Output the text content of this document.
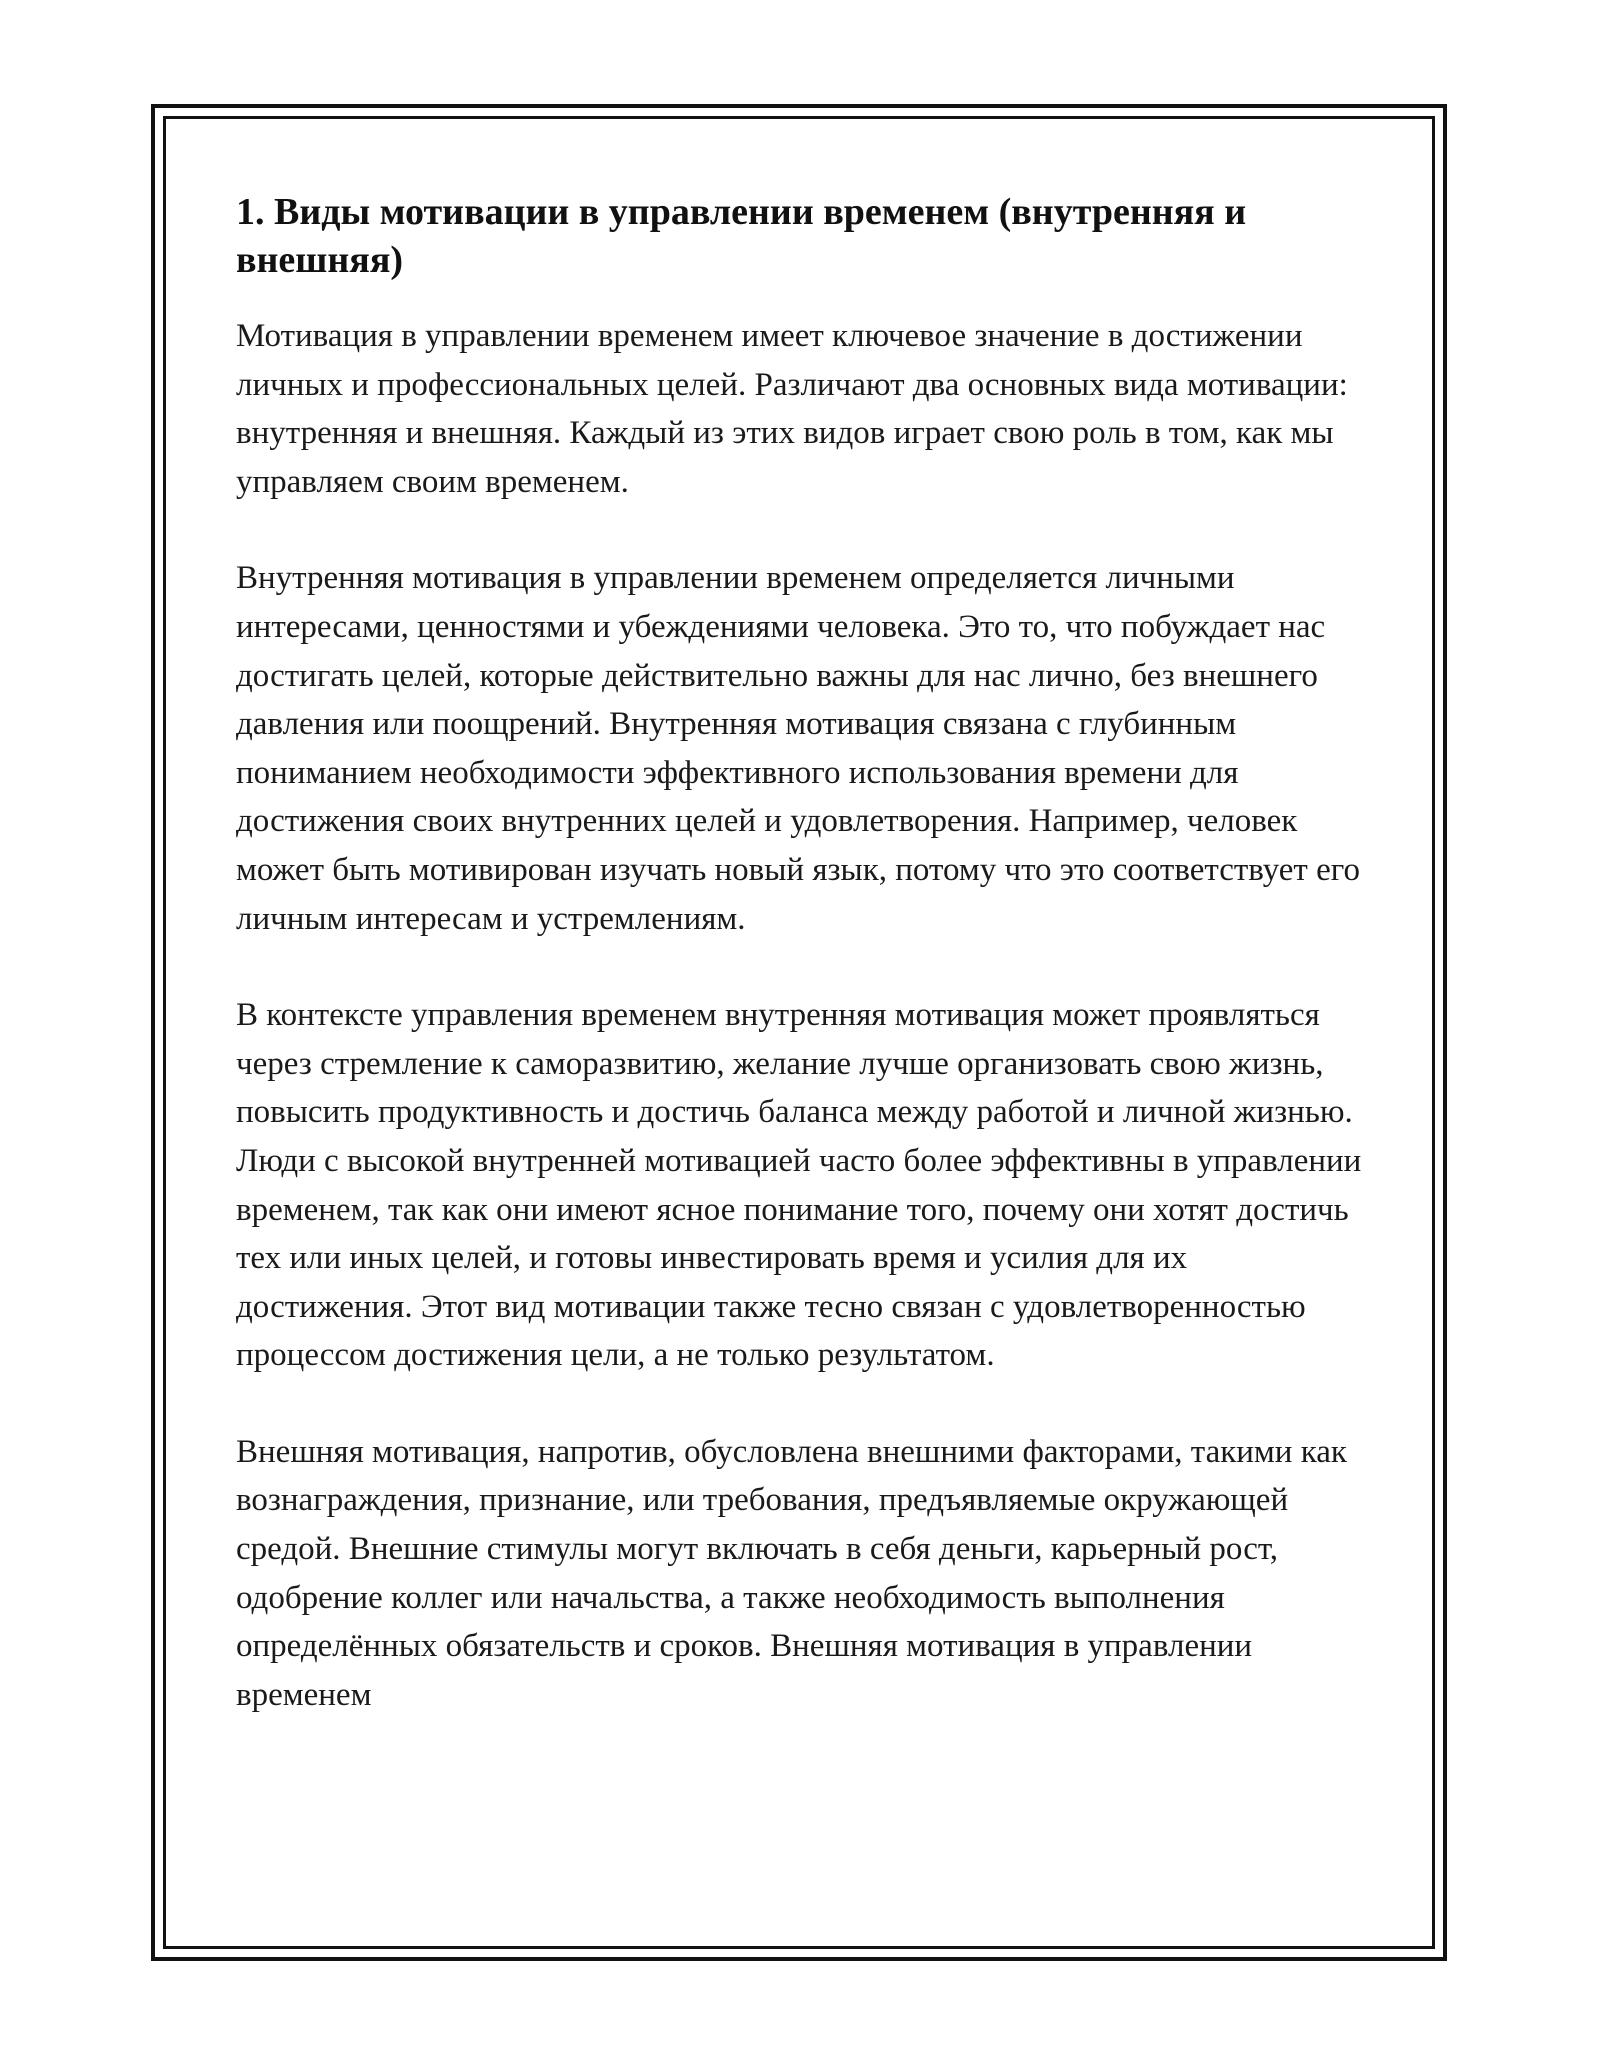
1. Виды мотивации в управлении временем (внутренняя и внешняя)

Мотивация в управлении временем имеет ключевое значение в достижении личных и профессиональных целей. Различают два основных вида мотивации: внутренняя и внешняя. Каждый из этих видов играет свою роль в том, как мы управляем своим временем.

Внутренняя мотивация в управлении временем определяется личными интересами, ценностями и убеждениями человека. Это то, что побуждает нас достигать целей, которые действительно важны для нас лично, без внешнего давления или поощрений. Внутренняя мотивация связана с глубинным пониманием необходимости эффективного использования времени для достижения своих внутренних целей и удовлетворения. Например, человек может быть мотивирован изучать новый язык, потому что это соответствует его личным интересам и устремлениям.

В контексте управления временем внутренняя мотивация может проявляться через стремление к саморазвитию, желание лучше организовать свою жизнь, повысить продуктивность и достичь баланса между работой и личной жизнью. Люди с высокой внутренней мотивацией часто более эффективны в управлении временем, так как они имеют ясное понимание того, почему они хотят достичь тех или иных целей, и готовы инвестировать время и усилия для их достижения. Этот вид мотивации также тесно связан с удовлетворенностью процессом достижения цели, а не только результатом.

Внешняя мотивация, напротив, обусловлена внешними факторами, такими как вознаграждения, признание, или требования, предъявляемые окружающей средой. Внешние стимулы могут включать в себя деньги, карьерный рост, одобрение коллег или начальства, а также необходимость выполнения определённых обязательств и сроков. Внешняя мотивация в управлении временем
